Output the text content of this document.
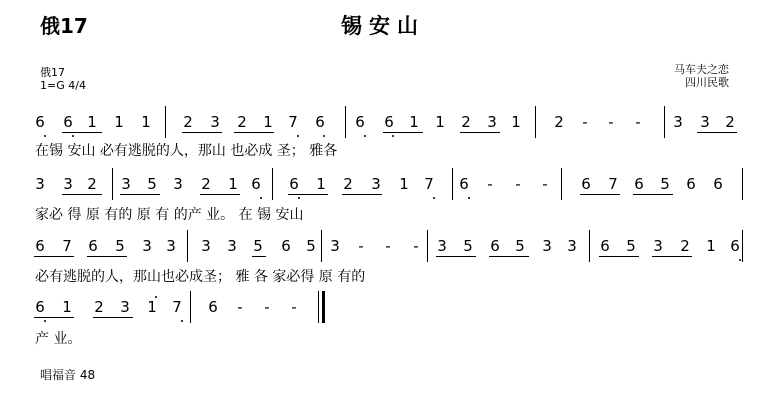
俄17	锡安山
俄17
1=G 4/4
马车夫之恋
四川民歌
6 6 1 1 1 2 3 2 1 7 6 6 6 1 1 2 3 1 2 - - - 3 3 2
在锡 安山 必有逃脱的人，那山 也必成 圣； 雅各
3 3 2 3 5 3 2 1 6 6 1 2 3 1 7 6 - - - 6 7 6 5 6 6
家必 得 原 有的 原 有 的产 业。 在 锡 安山
6 7 6 5 3 3 3 3 5 6 5 3 - - - 3 5 6 5 3 3 6 5 3 2 1 6
必有逃脱的人，那山也必成圣； 雅 各 家必得 原 有的
6 1 2 3 1 7 6 - - -
产 业。
唱福音 48
